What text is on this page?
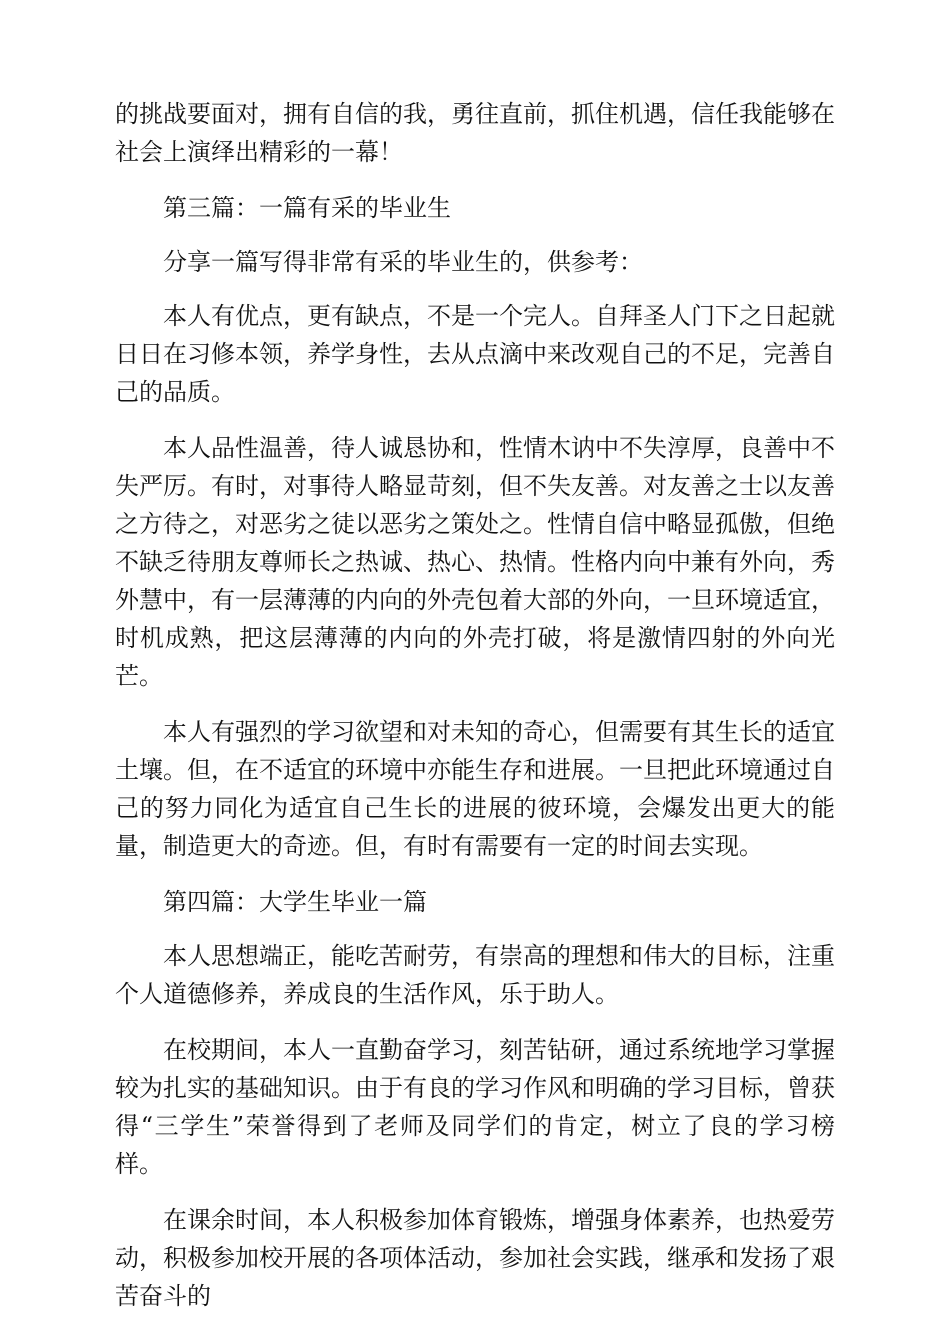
的挑战要面对，拥有自信的我，勇往直前，抓住机遇，信任我能够在社会上演绎出精彩的一幕！

第三篇：一篇有采的毕业生

分享一篇写得非常有采的毕业生的，供参考：

本人有优点，更有缺点，不是一个完人。自拜圣人门下之日起就日日在习修本领，养学身性，去从点滴中来改观自己的不足，完善自己的品质。

本人品性温善，待人诚恳协和，性情木讷中不失淳厚，良善中不失严厉。有时，对事待人略显苛刻，但不失友善。对友善之士以友善之方待之，对恶劣之徒以恶劣之策处之。性情自信中略显孤傲，但绝不缺乏待朋友尊师长之热诚、热心、热情。性格内向中兼有外向，秀外慧中，有一层薄薄的内向的外壳包着大部的外向，一旦环境适宜，时机成熟，把这层薄薄的内向的外壳打破，将是激情四射的外向光芒。

本人有强烈的学习欲望和对未知的奇心，但需要有其生长的适宜土壤。但，在不适宜的环境中亦能生存和进展。一旦把此环境通过自己的努力同化为适宜自己生长的进展的彼环境，会爆发出更大的能量，制造更大的奇迹。但，有时有需要有一定的时间去实现。

第四篇：大学生毕业一篇

本人思想端正，能吃苦耐劳，有崇高的理想和伟大的目标，注重个人道德修养，养成良的生活作风，乐于助人。

在校期间，本人一直勤奋学习，刻苦钻研，通过系统地学习掌握较为扎实的基础知识。由于有良的学习作风和明确的学习目标，曾获得“三学生”荣誉得到了老师及同学们的肯定，树立了良的学习榜样。

在课余时间，本人积极参加体育锻炼，增强身体素养，也热爱劳动，积极参加校开展的各项体活动，参加社会实践，继承和发扬了艰苦奋斗的
